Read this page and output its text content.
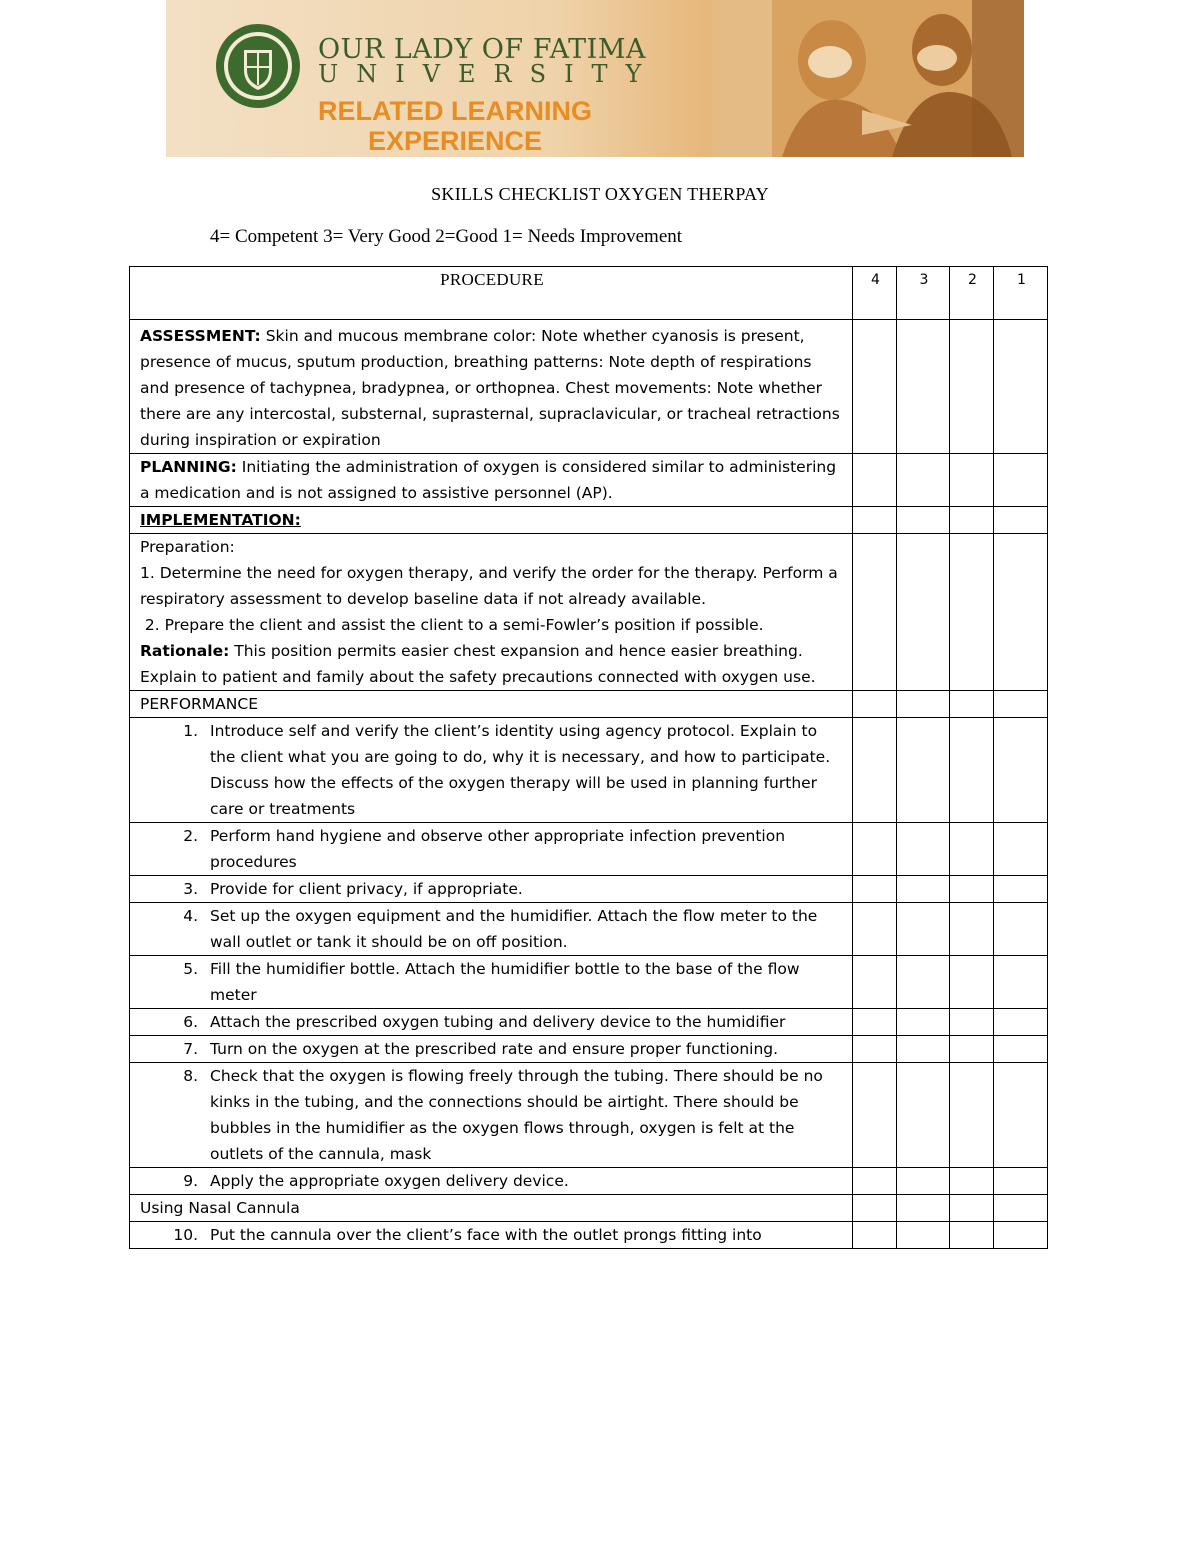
OUR LADY OF FATIMA
UNIVERSITY
RELATED LEARNING EXPERIENCE
SKILLS CHECKLIST OXYGEN THERPAY
4= Competent 3= Very Good 2=Good 1= Needs Improvement
PROCEDURE	4	3	2	1
ASSESSMENT: Skin and mucous membrane color: Note whether cyanosis is present, presence of mucus, sputum production, breathing patterns: Note depth of respirations and presence of tachypnea, bradypnea, or orthopnea. Chest movements: Note whether there are any intercostal, substernal, suprasternal, supraclavicular, or tracheal retractions during inspiration or expiration				
PLANNING: Initiating the administration of oxygen is considered similar to administering a medication and is not assigned to assistive personnel (AP).				
IMPLEMENTATION:				

Preparation:
1. Determine the need for oxygen therapy, and verify the order for the therapy. Perform a respiratory assessment to develop baseline data if not already available.
2. Prepare the client and assist the client to a semi-Fowler’s position if possible.
Rationale: This position permits easier chest expansion and hence easier breathing. Explain to patient and family about the safety precautions connected with oxygen use.				

PERFORMANCE				

1. Introduce self and verify the client’s identity using agency protocol. Explain to the client what you are going to do, why it is necessary, and how to participate. Discuss how the effects of the oxygen therapy will be used in planning further care or treatments				

2. Perform hand hygiene and observe other appropriate infection prevention procedures				

3. Provide for client privacy, if appropriate.				

4. Set up the oxygen equipment and the humidifier. Attach the flow meter to the wall outlet or tank it should be on off position.				

5. Fill the humidifier bottle. Attach the humidifier bottle to the base of the flow meter				

6. Attach the prescribed oxygen tubing and delivery device to the humidifier				

7. Turn on the oxygen at the prescribed rate and ensure proper functioning.				

8. Check that the oxygen is flowing freely through the tubing. There should be no kinks in the tubing, and the connections should be airtight. There should be bubbles in the humidifier as the oxygen flows through, oxygen is felt at the outlets of the cannula, mask				

9. Apply the appropriate oxygen delivery device.				

Using Nasal Cannula				

10. Put the cannula over the client’s face with the outlet prongs fitting into				
